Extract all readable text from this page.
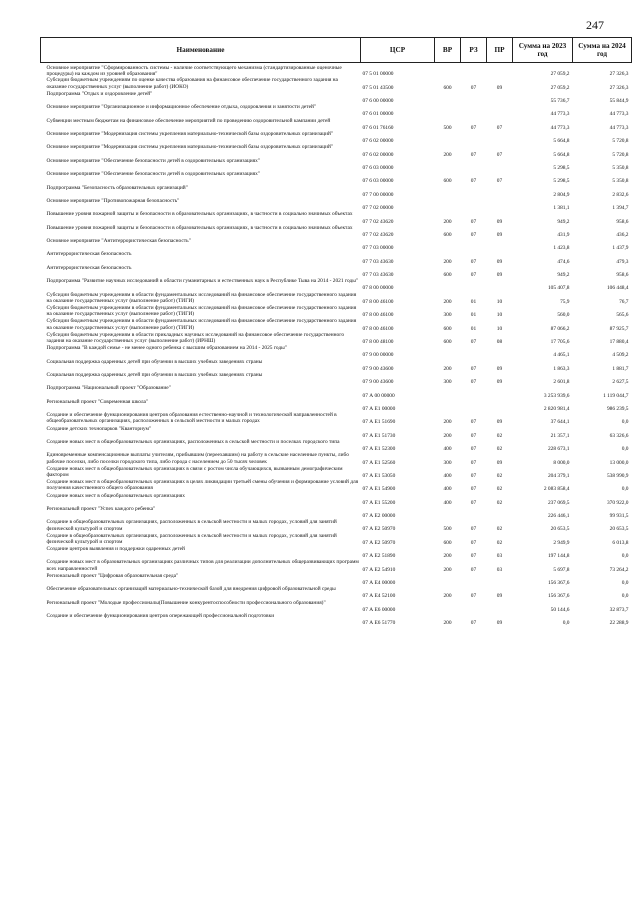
247
Наименование	ЦСР	ВР	РЗ	ПР	Сумма на 2023 год	Сумма на 2024 год
Основное мероприятие "Сформированность системы - наличие соответствующего механизма (стандартизированные оценочные процедуры) на каждом из уровней образования"	07 5 01 00000				27 059,2	27 326,3
Субсидии бюджетным учреждениям по оценке качества образования на финансовое обеспечение государственного задания на оказание государственных услуг (выполнение работ) (ИОКО)	07 5 01 43500	600	07	09	27 059,2	27 326,3
Подпрограмма "Отдых и оздоровление детей"	07 6 00 00000				55 736,7	55 844,9
Основное мероприятие "Организационное и информационное обеспечение отдыха, оздоровления и занятости детей"	07 6 01 00000				44 773,3	44 773,3
Субвенции местным бюджетам на финансовое обеспечение мероприятий по проведению оздоровительной кампании детей	07 6 01 76160	500	07	07	44 773,3	44 773,3
Основное мероприятие "Модернизация системы укрепления материально-технической базы оздоровительных организаций"	07 6 02 00000				5 664,8	5 720,8
Основное мероприятие "Модернизация системы укрепления материально-технической базы оздоровительных организаций"	07 6 02 00000	200	07	07	5 664,8	5 720,8
Основное мероприятие "Обеспечение безопасности детей в оздоровительных организациях"	07 6 03 00000				5 298,5	5 350,8
Основное мероприятие "Обеспечение безопасности детей в оздоровительных организациях"	07 6 03 00000	600	07	07	5 298,5	5 350,8
Подпрограмма "Безопасность образовательных организаций"	07 7 00 00000				2 804,9	2 832,6
Основное мероприятие "Противопожарная безопасность"	07 7 02 00000				1 381,1	1 394,7
Повышение уровня пожарной защиты и безопасности в образовательных организациях, в частности в социально значимых объектах	07 7 02 43620	200	07	09	949,2	958,6
Повышение уровня пожарной защиты и безопасности в образовательных организациях, в частности в социально значимых объектах	07 7 02 43620	600	07	09	431,9	436,2
Основное мероприятие "Антитеррористическая безопасность"	07 7 03 00000				1 423,8	1 437,9
Антитеррористическая безопасность	07 7 03 43630	200	07	09	474,6	479,3
Антитеррористическая безопасность	07 7 03 43630	600	07	09	949,2	958,6
Подпрограмма "Развитие научных исследований в области гуманитарных и естественных наук в Республике Тыва на 2014 - 2021 годы"	07 8 00 00000				105 407,8	106 448,4
Субсидии бюджетным учреждениям в области фундаментальных исследований на финансовое обеспечение государственного задания на оказание государственных услуг (выполнение работ) (ТИГИ)	07 8 00 46100	200	01	10	75,9	76,7
Субсидии бюджетным учреждениям в области фундаментальных исследований на финансовое обеспечение государственного задания на оказание государственных услуг (выполнение работ) (ТИГИ)	07 8 00 46100	300	01	10	560,0	565,6
Субсидии бюджетным учреждениям в области фундаментальных исследований на финансовое обеспечение государственного задания на оказание государственных услуг (выполнение работ) (ТИГИ)	07 8 00 46100	600	01	10	87 066,2	87 925,7
Субсидии бюджетным учреждениям в области прикладных научных исследований на финансовое обеспечение государственного задания на оказание государственных услуг (выполнение работ) (ИРНШ)	07 8 00 48100	600	07	08	17 705,6	17 880,4
Подпрограмма "В каждой семье - не менее одного ребенка с высшим образованием на 2014 - 2025 годы"	07 9 00 00000				4 465,1	4 509,2
Социальная поддержка одаренных детей при обучении в высших учебных заведениях страны	07 9 00 43600	200	07	09	1 863,3	1 881,7
Социальная поддержка одаренных детей при обучении в высших учебных заведениях страны	07 9 00 43600	300	07	09	2 601,8	2 627,5
Подпрограмма "Национальный проект "Образование"	07 А 00 00000				3 253 939,6	1 119 044,7
Региональный проект "Современная школа"	07 А Е1 00000				2 820 981,4	986 239,5
Создание и обеспечение функционирования центров образования естественно-научной и технологической направленностей в общеобразовательных организациях, расположенных в сельской местности и малых городах	07 А Е1 51690	200	07	09	37 644,1	0,0
Создание детских технопарков "Кванториум"	07 А Е1 51730	200	07	02	21 357,1	63 326,6
Создание новых мест в общеобразовательных организациях, расположенных в сельской местности и поселках городского типа	07 А Е1 52300	400	07	02	228 673,1	0,0
Единовременные компенсационные выплаты учителям, прибывшим (переехавшим) на работу в сельские населенные пункты, либо рабочие поселки, либо поселки городского типа, либо города с населением до 50 тысяч человек	07 А Е1 52560	300	07	09	8 000,0	13 000,0
Создание новых мест в общеобразовательных организациях в связи с ростом числа обучающихся, вызванным демографическим фактором	07 А Е1 53050	400	07	02	204 379,1	538 990,9
Создание новых мест в общеобразовательных организациях в целях ликвидации третьей смены обучения и формирование условий для получения качественного общего образования	07 А Е1 54900	400	07	02	2 083 858,4	0,0
Создание новых мест в общеобразовательных организациях	07 А Е1 55200	400	07	02	237 069,5	370 922,0
Региональный проект "Успех каждого ребенка"	07 А Е2 00000				226 446,1	99 931,5
Создание в общеобразовательных организациях, расположенных в сельской местности и малых городах, условий для занятий физической культурой и спортом	07 А Е2 50970	500	07	02	20 653,5	20 653,5
Создание в общеобразовательных организациях, расположенных в сельской местности и малых городах, условий для занятий физической культурой и спортом	07 А Е2 50970	600	07	02	2 949,9	6 013,8
Создание центров выявления и поддержки одаренных детей	07 А Е2 51890	200	07	03	197 144,8	0,0
Создание новых мест в образовательных организациях различных типов для реализации дополнительных общеразвивающих программ всех направленностей	07 А Е2 54910	200	07	03	5 697,8	73 264,2
Региональный проект "Цифровая образовательная среда"	07 А Е4 00000				156 367,6	0,0
Обеспечение образовательных организаций материально-технической базой для внедрения цифровой образовательной среды	07 А Е4 52100	200	07	09	156 367,6	0,0
Региональный проект "Молодые профессионалы(Повышение конкурентоспособности профессионального образования)"	07 А Е6 00000				50 144,6	32 873,7
Создание и обеспечение функционирования центров опережающей профессиональной подготовки	07 А Е6 51770	200	07	09	0,0	22 288,9
